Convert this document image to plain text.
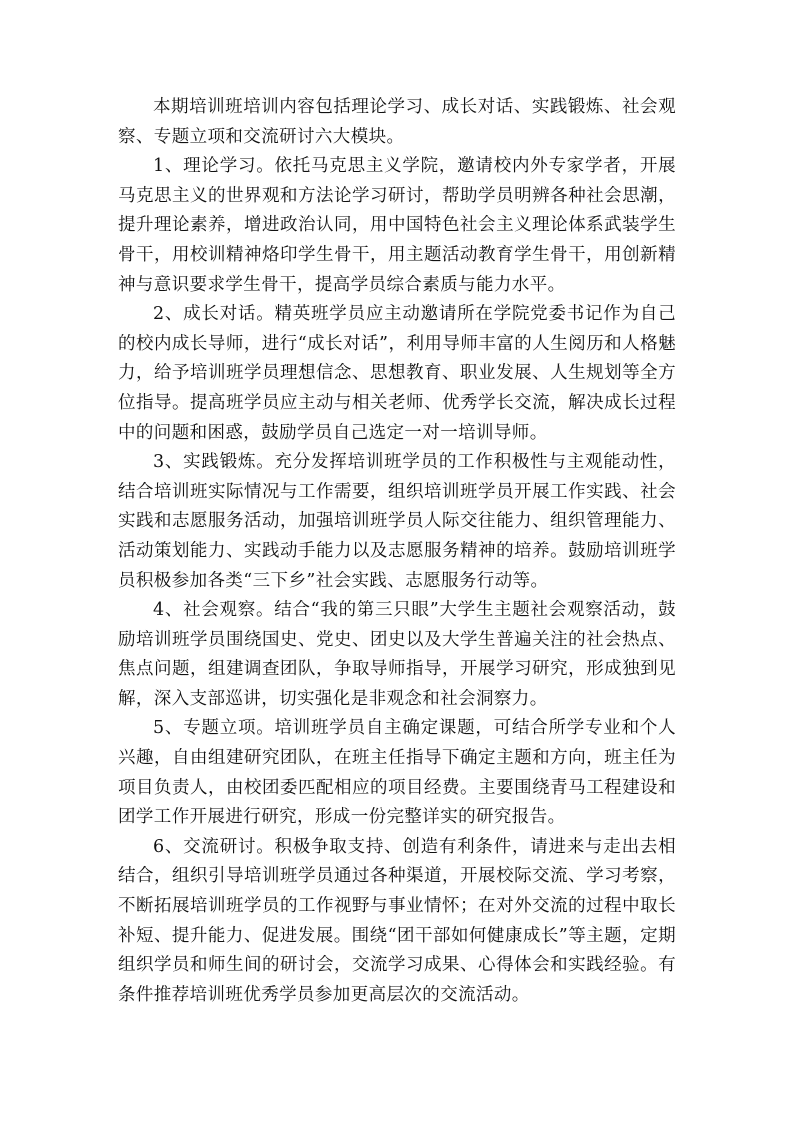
本期培训班培训内容包括理论学习、成长对话、实践锻炼、社会观察、专题立项和交流研讨六大模块。

1、理论学习。依托马克思主义学院，邀请校内外专家学者，开展马克思主义的世界观和方法论学习研讨，帮助学员明辨各种社会思潮，提升理论素养，增进政治认同，用中国特色社会主义理论体系武装学生骨干，用校训精神烙印学生骨干，用主题活动教育学生骨干，用创新精神与意识要求学生骨干，提高学员综合素质与能力水平。

2、成长对话。精英班学员应主动邀请所在学院党委书记作为自己的校内成长导师，进行“成长对话”，利用导师丰富的人生阅历和人格魅力，给予培训班学员理想信念、思想教育、职业发展、人生规划等全方位指导。提高班学员应主动与相关老师、优秀学长交流，解决成长过程中的问题和困惑，鼓励学员自己选定一对一培训导师。

3、实践锻炼。充分发挥培训班学员的工作积极性与主观能动性，结合培训班实际情况与工作需要，组织培训班学员开展工作实践、社会实践和志愿服务活动，加强培训班学员人际交往能力、组织管理能力、活动策划能力、实践动手能力以及志愿服务精神的培养。鼓励培训班学员积极参加各类“三下乡”社会实践、志愿服务行动等。

4、社会观察。结合“我的第三只眼”大学生主题社会观察活动，鼓励培训班学员围绕国史、党史、团史以及大学生普遍关注的社会热点、焦点问题，组建调查团队，争取导师指导，开展学习研究，形成独到见解，深入支部巡讲，切实强化是非观念和社会洞察力。

5、专题立项。培训班学员自主确定课题，可结合所学专业和个人兴趣，自由组建研究团队，在班主任指导下确定主题和方向，班主任为项目负责人，由校团委匹配相应的项目经费。主要围绕青马工程建设和团学工作开展进行研究，形成一份完整详实的研究报告。

6、交流研讨。积极争取支持、创造有利条件，请进来与走出去相结合，组织引导培训班学员通过各种渠道，开展校际交流、学习考察，不断拓展培训班学员的工作视野与事业情怀；在对外交流的过程中取长补短、提升能力、促进发展。围绕“团干部如何健康成长”等主题，定期组织学员和师生间的研讨会，交流学习成果、心得体会和实践经验。有条件推荐培训班优秀学员参加更高层次的交流活动。
